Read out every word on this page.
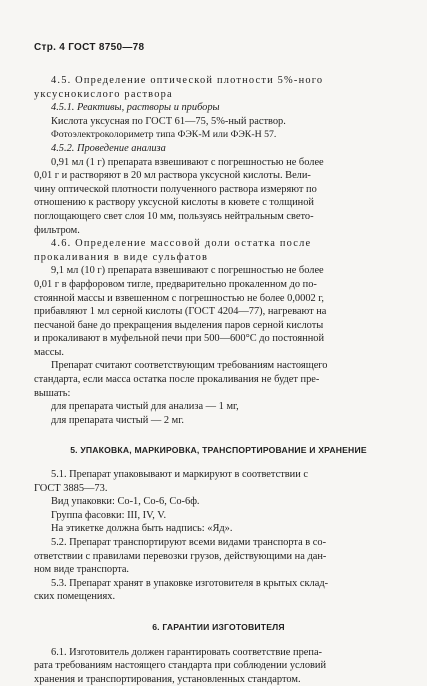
Стр. 4 ГОСТ 8750—78

4.5. Определение оптической плотности 5%-ного

уксуснокислого раствора

4.5.1. Реактивы, растворы и приборы

Кислота уксусная по ГОСТ 61—75, 5%-ный раствор.

Фотоэлектроколориметр типа ФЭК-М или ФЭК-Н 57.

4.5.2. Проведение анализа

0,91 мл (1 г) препарата взвешивают с погрешностью не более

0,01 г и растворяют в 20 мл раствора уксусной кислоты. Вели-

чину оптической плотности полученного раствора измеряют по

отношению к раствору уксусной кислоты в кювете с толщиной

поглощающего свет слоя 10 мм, пользуясь нейтральным свето-

фильтром.

4.6. Определение массовой доли остатка после

прокаливания в виде сульфатов

9,1 мл (10 г) препарата взвешивают с погрешностью не более

0,01 г в фарфоровом тигле, предварительно прокаленном до по-

стоянной массы и взвешенном с погрешностью не более 0,0002 г,

прибавляют 1 мл серной кислоты (ГОСТ 4204—77), нагревают на

песчаной бане до прекращения выделения паров серной кислоты

и прокаливают в муфельной печи при 500—600°С до постоянной

массы.

Препарат считают соответствующим требованиям настоящего

стандарта, если масса остатка после прокаливания не будет пре-

вышать:

для препарата чистый для анализа — 1 мг,

для препарата чистый — 2 мг.

5. УПАКОВКА, МАРКИРОВКА, ТРАНСПОРТИРОВАНИЕ И ХРАНЕНИЕ

5.1. Препарат упаковывают и маркируют в соответствии с

ГОСТ 3885—73.

Вид упаковки: Со-1, Со-6, Со-6ф.

Группа фасовки: III, IV, V.

На этикетке должна быть надпись: «Яд».

5.2. Препарат транспортируют всеми видами транспорта в со-

ответствии с правилами перевозки грузов, действующими на дан-

ном виде транспорта.

5.3. Препарат хранят в упаковке изготовителя в крытых склад-

ских помещениях.

6. ГАРАНТИИ ИЗГОТОВИТЕЛЯ

6.1. Изготовитель должен гарантировать соответствие препа-

рата требованиям настоящего стандарта при соблюдении условий

хранения и транспортирования, установленных стандартом.
